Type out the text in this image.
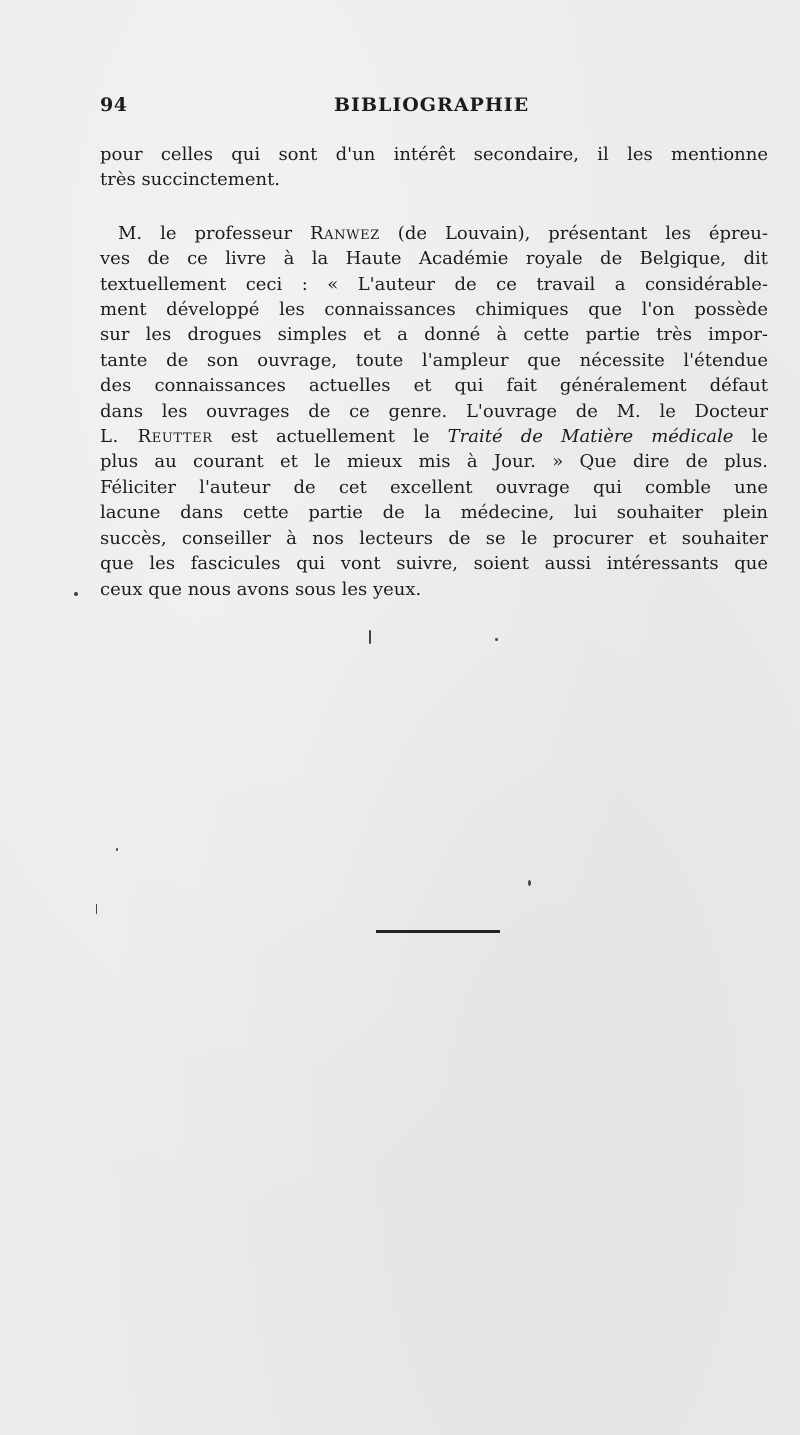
94	BIBLIOGRAPHIE
pour celles qui sont d'un intérêt secondaire, il les mentionne
très succinctement.
M. le professeur Ranwez (de Louvain), présentant les épreu-
ves de ce livre à la Haute Académie royale de Belgique, dit
textuellement ceci : « L'auteur de ce travail a considérable-
ment développé les connaissances chimiques que l'on possède
sur les drogues simples et a donné à cette partie très impor-
tante de son ouvrage, toute l'ampleur que nécessite l'étendue
des connaissances actuelles et qui fait généralement défaut
dans les ouvrages de ce genre. L'ouvrage de M. le Docteur
L. Reutter est actuellement le Traité de Matière médicale le
plus au courant et le mieux mis à Jour. » Que dire de plus.
Féliciter l'auteur de cet excellent ouvrage qui comble une
lacune dans cette partie de la médecine, lui souhaiter plein
succès, conseiller à nos lecteurs de se le procurer et souhaiter
que les fascicules qui vont suivre, soient aussi intéressants que
ceux que nous avons sous les yeux.
